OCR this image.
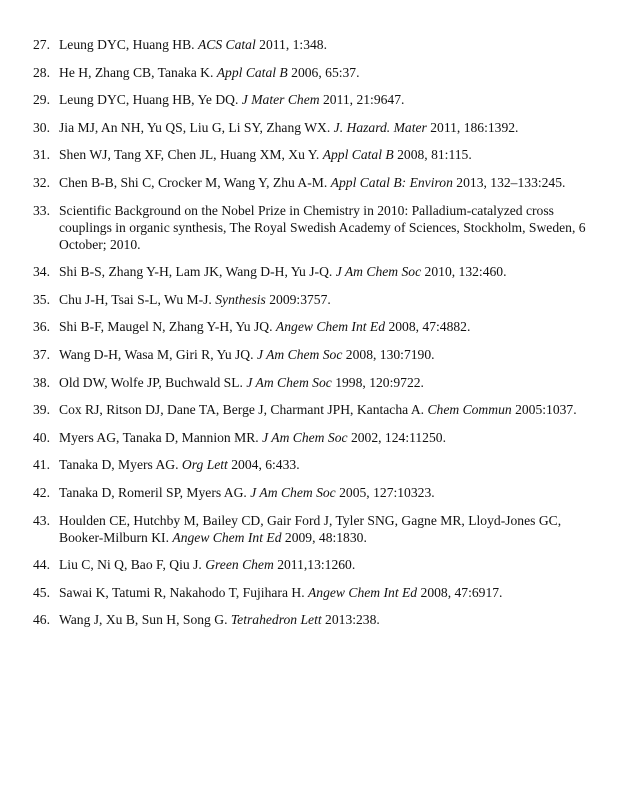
27. Leung DYC, Huang HB. ACS Catal 2011, 1:348.
28. He H, Zhang CB, Tanaka K. Appl Catal B 2006, 65:37.
29. Leung DYC, Huang HB, Ye DQ. J Mater Chem 2011, 21:9647.
30. Jia MJ, An NH, Yu QS, Liu G, Li SY, Zhang WX. J. Hazard. Mater 2011, 186:1392.
31. Shen WJ, Tang XF, Chen JL, Huang XM, Xu Y. Appl Catal B 2008, 81:115.
32. Chen B-B, Shi C, Crocker M, Wang Y, Zhu A-M. Appl Catal B: Environ 2013, 132–133:245.
33. Scientific Background on the Nobel Prize in Chemistry in 2010: Palladium-catalyzed cross couplings in organic synthesis, The Royal Swedish Academy of Sciences, Stockholm, Sweden, 6 October; 2010.
34. Shi B-S, Zhang Y-H, Lam JK, Wang D-H, Yu J-Q. J Am Chem Soc 2010, 132:460.
35. Chu J-H, Tsai S-L, Wu M-J. Synthesis 2009:3757.
36. Shi B-F, Maugel N, Zhang Y-H, Yu JQ. Angew Chem Int Ed 2008, 47:4882.
37. Wang D-H, Wasa M, Giri R, Yu JQ. J Am Chem Soc 2008, 130:7190.
38. Old DW, Wolfe JP, Buchwald SL. J Am Chem Soc 1998, 120:9722.
39. Cox RJ, Ritson DJ, Dane TA, Berge J, Charmant JPH, Kantacha A. Chem Commun 2005:1037.
40. Myers AG, Tanaka D, Mannion MR. J Am Chem Soc 2002, 124:11250.
41. Tanaka D, Myers AG. Org Lett 2004, 6:433.
42. Tanaka D, Romeril SP, Myers AG. J Am Chem Soc 2005, 127:10323.
43. Houlden CE, Hutchby M, Bailey CD, Gair Ford J, Tyler SNG, Gagne MR, Lloyd-Jones GC, Booker-Milburn KI. Angew Chem Int Ed 2009, 48:1830.
44. Liu C, Ni Q, Bao F, Qiu J. Green Chem 2011,13:1260.
45. Sawai K, Tatumi R, Nakahodo T, Fujihara H. Angew Chem Int Ed 2008, 47:6917.
46. Wang J, Xu B, Sun H, Song G. Tetrahedron Lett 2013:238.
